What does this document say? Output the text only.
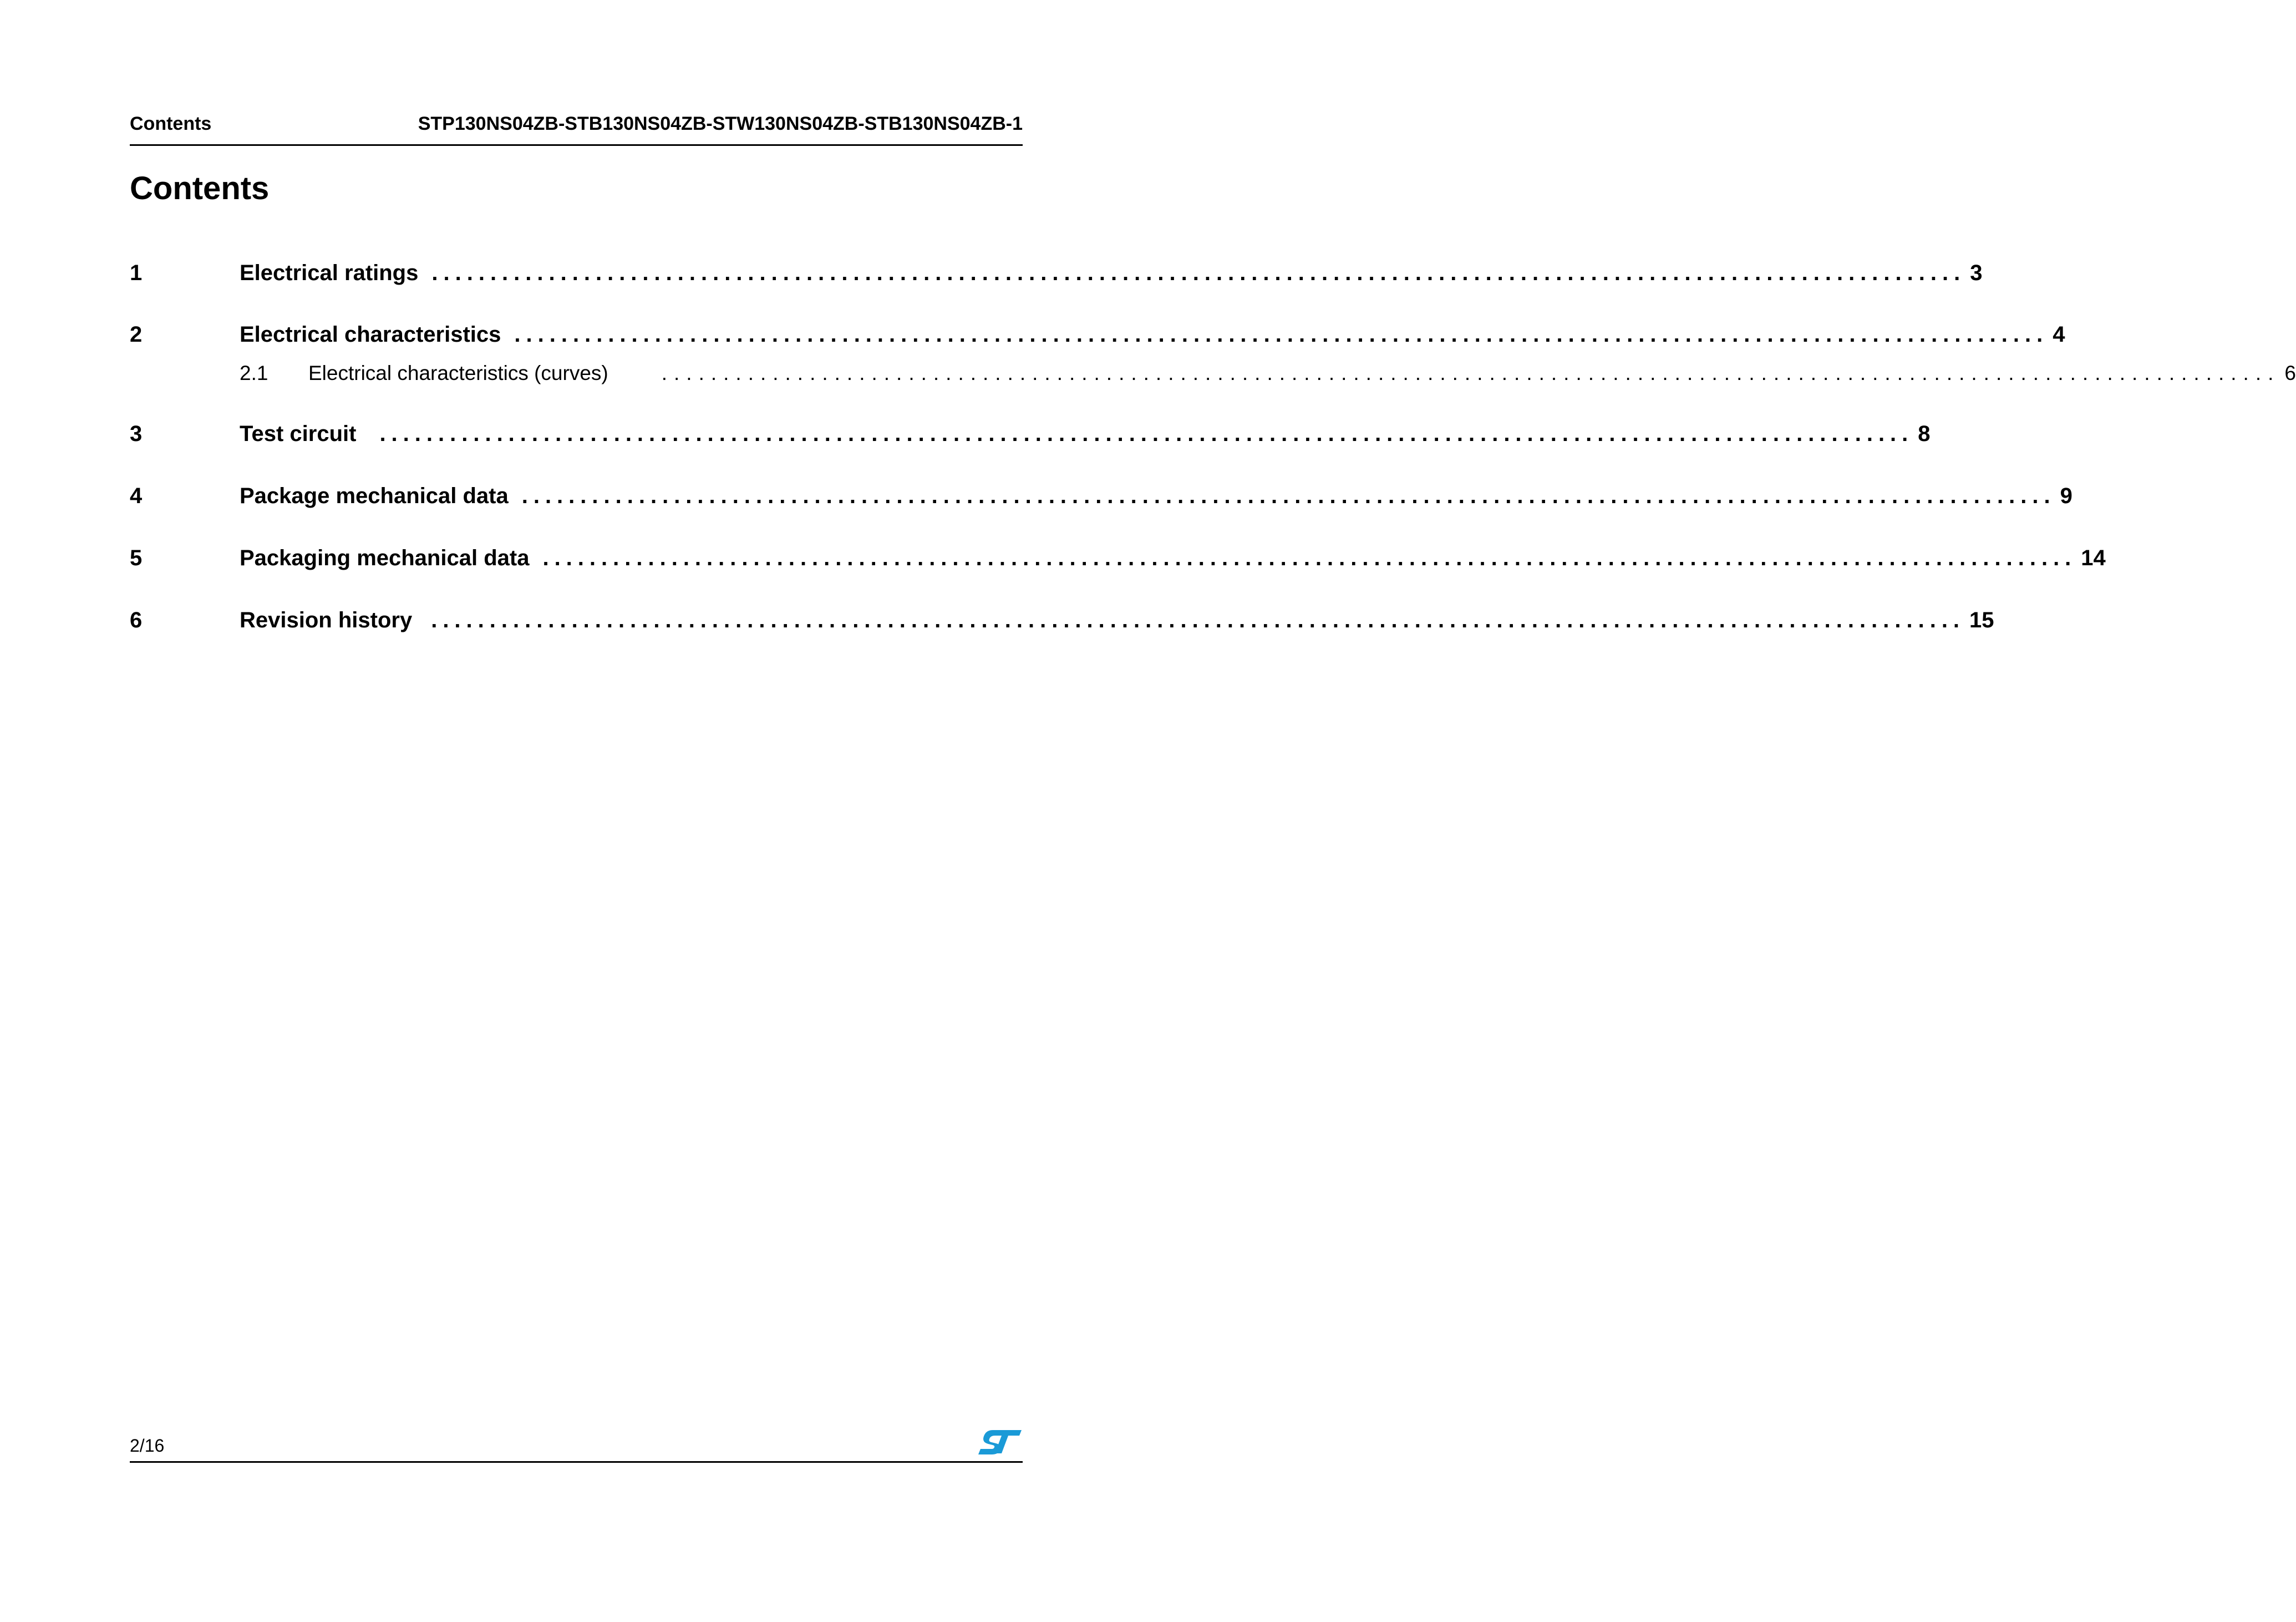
Contents	STP130NS04ZB-STB130NS04ZB-STW130NS04ZB-STB130NS04ZB-1
Contents
1	Electrical ratings ................................................................................................................................... 3
2	Electrical characteristics ................................................................................................................................... 4
2.1 Electrical characteristics (curves)	................................................................................................................................... 6
3	Test circuit	................................................................................................................................... 8
4	Package mechanical data ................................................................................................................................... 9
5	Packaging mechanical data ................................................................................................................................... 14
6	Revision history ................................................................................................................................... 15
2/16
